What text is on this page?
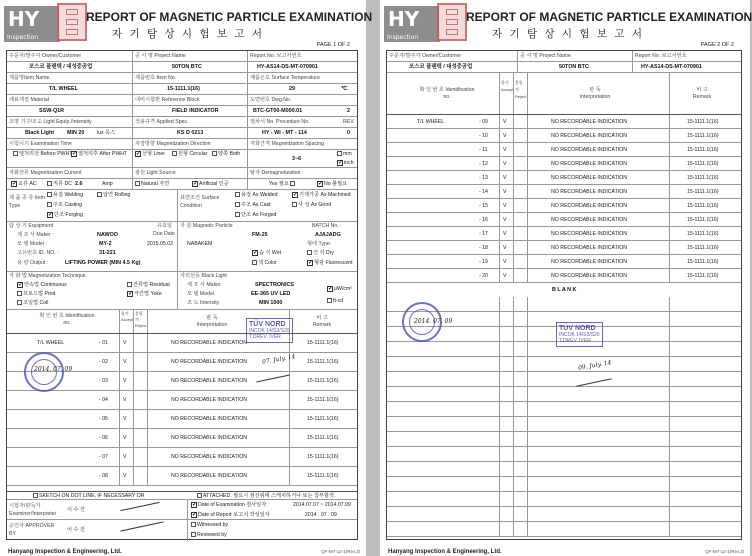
HY
Inspection
REPORT OF MAGNETIC PARTICLE EXAMINATION
자 기 탐 상 시 험 보 고 서
PAGE 1 OF 2
주문자/발주자 Owner/Customer	공 사 명 Project Name	Report No. 보고서번호
포스코 플랜텍 / 대성중공업	50TON BTC	HY-AS14-DS-MT-070901
제품명Item Name.	제품번호 Item No.	제품온도 Surface Temperature
T/L WHEEL	15-1111.1(16)	29	℃
재료재질 Material	대비시험편 Reference Block	도면번호 Dwg.No.
SSW-Q1R	FIELD INDICATOR	BTC-GT00-M000.01	2
조명 기구/조도 Light Equip./Intensity	적용규격 Applied Spec.	절차서 No. Procedure No.	REV.
Black Light MIN 20 lux 룩스	KS D 0213	HY - WI - MT - 114	0
시험시기 Examination Time	자장방향 Magnetization Direction	자화간격 Magnetization Spacing
열처리전 Before PWHT ✓열처리후 After PWHT ✓선형 Liner	원형 Circular	양쪽 Both
3~6
mm
✓inch
자화전류 Magnetization Current	광원 Light Source	탈자 Demagnetization
✓교류 AC	직류 DC 2.6	Amp	Natural 자연	✓Artificial 인공	Yes 필요	✓No 불필요
제 품 종 류 Item Type
용접 Welding	압연 Rolling
주조 Casting
✓단조 Forging
표면조건 Surface Condition
용접 As Welded	✓기계가공 As Machined
주조 As Cast	사 상 As Grind
단조 As Forged
탐 상 기 Equipment	유효일
제 조 사 Maker :	NAWOO	Due Date
모 델 Model :	MY-2	2015.05.02
고유번호 ID. NO. :	31-221
용 량 Output :	LIFTING POWER (MIN 4.5 Kg)
자 분 Magnetic Particle	BATCH No. :
FM-25	AJAJADG
NABAKEM	형태 Type:
✓습 식 Wet	건 식 Dry
색 Color	✓형광 Fluorescent
자 화 법 Magnetization Technique
✓연속법 Continuous	잔류법 Residual
프로드법 Prod	✓극간법 Yoke
코일법 Coil
자외선등 Black Light
제 조 사 Maker	SPECTRONICS
모 델 Model	EE-365 UV LED
✓μW/cm²
조 도 Intensity	MIN 1000	ft-cd
확 인 번 호 Identification no.
합격 Accept
불합격 Reject
판 독 Interpretation
비 고 Remark
T/L WHEEL	- 01	V	NO RECORDABLE INDICATION	15-1111.1(16)
- 02	V	NO RECORDABLE INDICATION	15-1111.1(16)
- 03	V	NO RECORDABLE INDICATION	15-1111.1(16)
- 04	V	NO RECORDABLE INDICATION	15-1111.1(16)
- 05	V	NO RECORDABLE INDICATION	15-1111.1(16)
- 06	V	NO RECORDABLE INDICATION	15-1111.1(16)
- 07	V	NO RECORDABLE INDICATION	15-1111.1(16)
- 08	V	NO RECORDABLE INDICATION	15-1111.1(16)
SKETCH ON DOT LINE, IF NECESSARY OR	ATTACHED. 필요시 점선위에 스케치하거나 또는 첨부할것.
시험자/판독자 Examiner/Interpreter
이 수 진
✓Date of Examination 검사일자	2014.07.07 ~ 2014.07.09
✓Date of Report 보고서 작성일자	2014 . 07 . 09
승인자 APPROVER BY
이 수 진
Witnessed by
Reviewed by
2014. 07. 09
TÜV NORD
INCOK 14/S3/S20
T.DREV. IVER.
07. July. 14
Hanyang Inspection & Engineering, Ltd.	QF-MT-12-1(Rev.3)
HY
Inspection
REPORT OF MAGNETIC PARTICLE EXAMINATION
자 기 탐 상 시 험 보 고 서
PAGE 2 OF 2
주문자/발주자 Owner/Customer	공 사 명 Project Name	Report No. 보고서번호
포스코 플랜텍 / 대성중공업	50TON BTC	HY-AS14-DS-MT-070901
확 인 번 호 Identification no.
합격 Accept
불합격 Reject
판 독 Interpretation
비 고 Remark
T/L WHEEL	- 09	V	NO RECORDABLE INDICATION	15-1111.1(16)
- 10	V	NO RECORDABLE INDICATION	15-1111.1(16)
- 11	V	NO RECORDABLE INDICATION	15-1111.1(16)
- 12	V	NO RECORDABLE INDICATION	15-1111.1(16)
- 13	V	NO RECORDABLE INDICATION	15-1111.1(16)
- 14	V	NO RECORDABLE INDICATION	15-1111.1(16)
- 15	V	NO RECORDABLE INDICATION	15-1111.1(16)
- 16	V	NO RECORDABLE INDICATION	15-1111.1(16)
- 17	V	NO RECORDABLE INDICATION	15-1111.1(16)
- 18	V	NO RECORDABLE INDICATION	15-1111.1(16)
- 19	V	NO RECORDABLE INDICATION	15-1111.1(16)
- 20	V	NO RECORDABLE INDICATION	15-1111.1(16)
B L A N K
2014. 07. 09
TÜV NORD
INCOK 14/S3/S20
T.DREV. IVER.
09. July. 14
Hanyang Inspection & Engineering, Ltd.	QF-MT-12-1(Rev.3)
